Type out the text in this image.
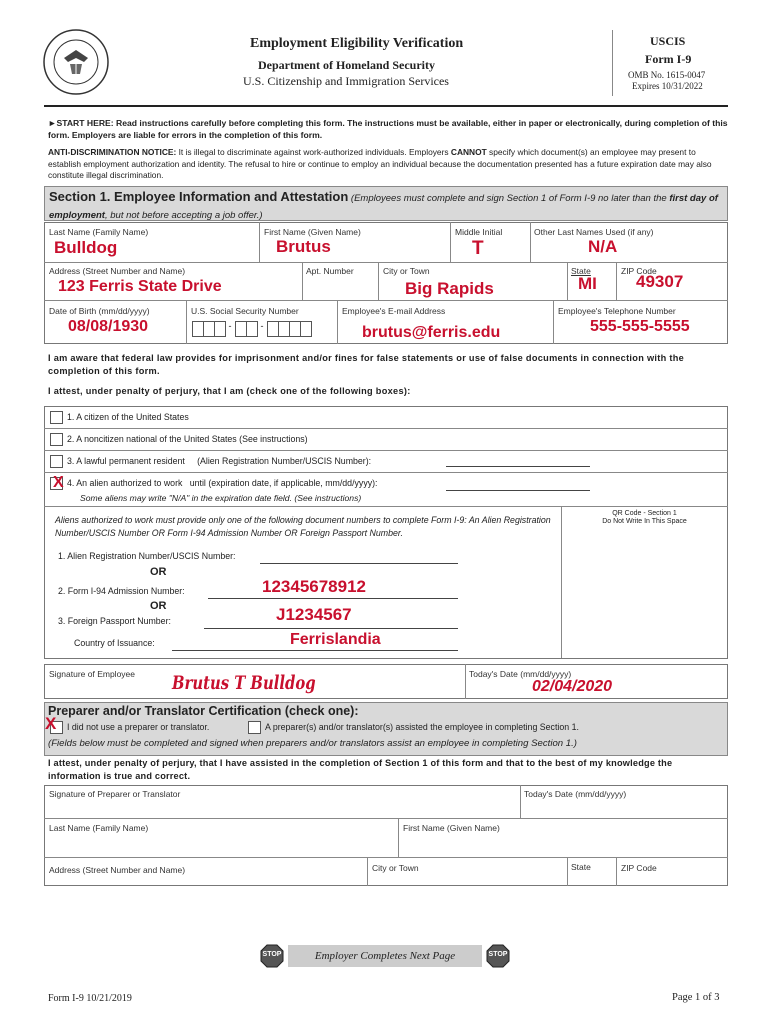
Employment Eligibility Verification
Department of Homeland Security
U.S. Citizenship and Immigration Services
USCIS
Form I-9
OMB No. 1615-0047
Expires 10/31/2022
►START HERE: Read instructions carefully before completing this form. The instructions must be available, either in paper or electronically, during completion of this form. Employers are liable for errors in the completion of this form.
ANTI-DISCRIMINATION NOTICE: It is illegal to discriminate against work-authorized individuals. Employers CANNOT specify which document(s) an employee may present to establish employment authorization and identity. The refusal to hire or continue to employ an individual because the documentation presented has a future expiration date may also constitute illegal discrimination.
Section 1. Employee Information and Attestation (Employees must complete and sign Section 1 of Form I-9 no later than the first day of employment, but not before accepting a job offer.)
Last Name (Family Name)
Bulldog
First Name (Given Name)
Brutus
Middle Initial
T
Other Last Names Used (if any)
N/A
Address (Street Number and Name)
123 Ferris State Drive
Apt. Number	City or Town
Big Rapids
State
MI
ZIP Code
49307
Date of Birth (mm/dd/yyyy)
08/08/1930
U.S. Social Security Number
-	-
Employee's E-mail Address
brutus@ferris.edu
Employee's Telephone Number
555-555-5555
I am aware that federal law provides for imprisonment and/or fines for false statements or use of false documents in connection with the completion of this form.
I attest, under penalty of perjury, that I am (check one of the following boxes):
1. A citizen of the United States
2. A noncitizen national of the United States (See instructions)
3. A lawful permanent resident     (Alien Registration Number/USCIS Number):
X 4. An alien authorized to work   until (expiration date, if applicable, mm/dd/yyyy):
Some aliens may write "N/A" in the expiration date field. (See instructions)
Aliens authorized to work must provide only one of the following document numbers to complete Form I-9: An Alien Registration Number/USCIS Number OR Form I-94 Admission Number OR Foreign Passport Number.
QR Code - Section 1
Do Not Write In This Space
1. Alien Registration Number/USCIS Number:
OR
2. Form I-94 Admission Number:	12345678912
OR
3. Foreign Passport Number:	J1234567
Country of Issuance:	Ferrislandia
Signature of Employee Brutus T Bulldog	Today's Date (mm/dd/yyyy)
02/04/2020
Preparer and/or Translator Certification (check one):
X I did not use a preparer or translator.	A preparer(s) and/or translator(s) assisted the employee in completing Section 1.
(Fields below must be completed and signed when preparers and/or translators assist an employee in completing Section 1.)
I attest, under penalty of perjury, that I have assisted in the completion of Section 1 of this form and that to the best of my knowledge the information is true and correct.
Signature of Preparer or Translator	Today's Date (mm/dd/yyyy)
Last Name (Family Name)	First Name (Given Name)
Address (Street Number and Name)	City or Town	State	ZIP Code
STOP	Employer Completes Next Page	STOP
Form I-9 10/21/2019	Page 1 of 3
